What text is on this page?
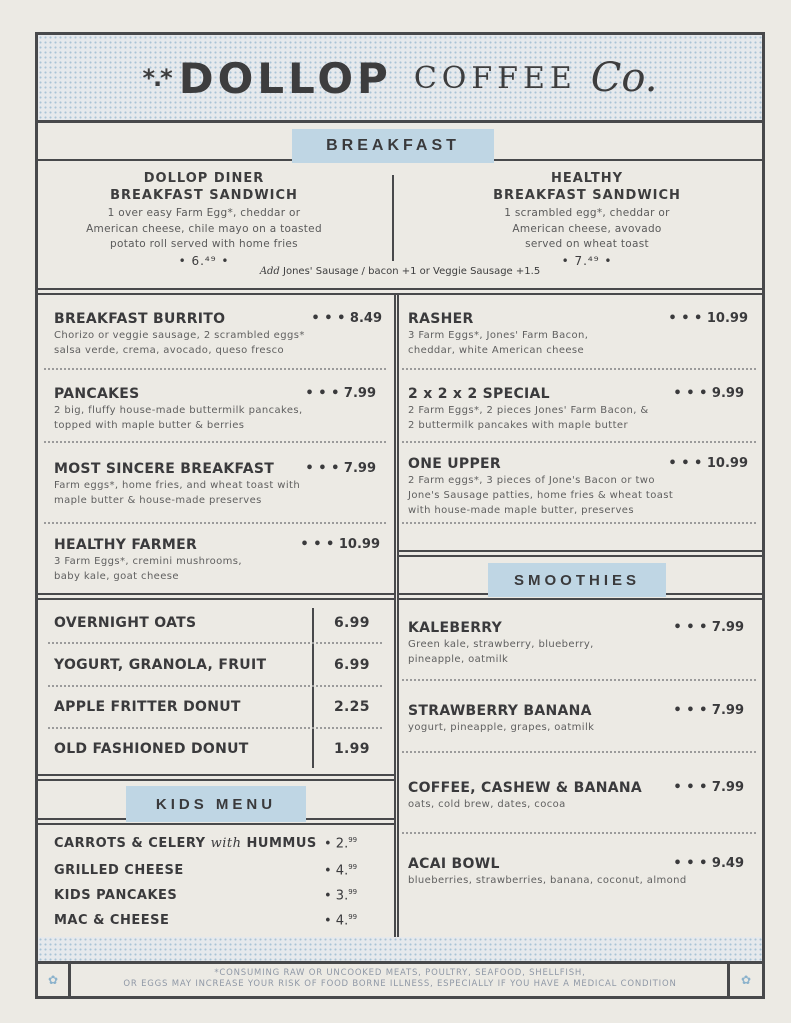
*.* DOLLOP COFFEE Co.
BREAKFAST
DOLLOP DINER
BREAKFAST SANDWICH
1 over easy Farm Egg*, cheddar or
American cheese, chile mayo on a toasted
potato roll served with home fries
• 6.⁴⁹ •
HEALTHY
BREAKFAST SANDWICH
1 scrambled egg*, cheddar or
American cheese, avovado
served on wheat toast
• 7.⁴⁹ •
Add Jones' Sausage / bacon +1 or Veggie Sausage +1.5
BREAKFAST BURRITO	• • • 8.49
Chorizo or veggie sausage, 2 scrambled eggs*
salsa verde, crema, avocado, queso fresco
PANCAKES	• • • 7.99
2 big, fluffy house-made buttermilk pancakes,
topped with maple butter & berries
MOST SINCERE BREAKFAST	• • • 7.99
Farm eggs*, home fries, and wheat toast with
maple butter & house-made preserves
HEALTHY FARMER	• • • 10.99
3 Farm Eggs*, cremini mushrooms,
baby kale, goat cheese
OVERNIGHT OATS	6.99
YOGURT, GRANOLA, FRUIT	6.99
APPLE FRITTER DONUT	2.25
OLD FASHIONED DONUT	1.99
KIDS MENU
CARROTS & CELERY with HUMMUS • 2.99
GRILLED CHEESE	• 4.99
KIDS PANCAKES	• 3.99
MAC & CHEESE	• 4.99
RASHER	• • • 10.99
3 Farm Eggs*, Jones' Farm Bacon,
cheddar, white American cheese
2 x 2 x 2 SPECIAL	• • • 9.99
2 Farm Eggs*, 2 pieces Jones' Farm Bacon, &
2 buttermilk pancakes with maple butter
ONE UPPER	• • • 10.99
2 Farm eggs*, 3 pieces of Jone's Bacon or two
Jone's Sausage patties, home fries & wheat toast
with house-made maple butter, preserves
SMOOTHIES
KALEBERRY	• • • 7.99
Green kale, strawberry, blueberry,
pineapple, oatmilk
STRAWBERRY BANANA	• • • 7.99
yogurt, pineapple, grapes, oatmilk
COFFEE, CASHEW & BANANA	• • • 7.99
oats, cold brew, dates, cocoa
ACAI BOWL	• • • 9.49
blueberries, strawberries, banana, coconut, almond
✿	*CONSUMING RAW OR UNCOOKED MEATS, POULTRY, SEAFOOD, SHELLFISH,
OR EGGS MAY INCREASE YOUR RISK OF FOOD BORNE ILLNESS, ESPECIALLY IF YOU HAVE A MEDICAL CONDITION	✿
